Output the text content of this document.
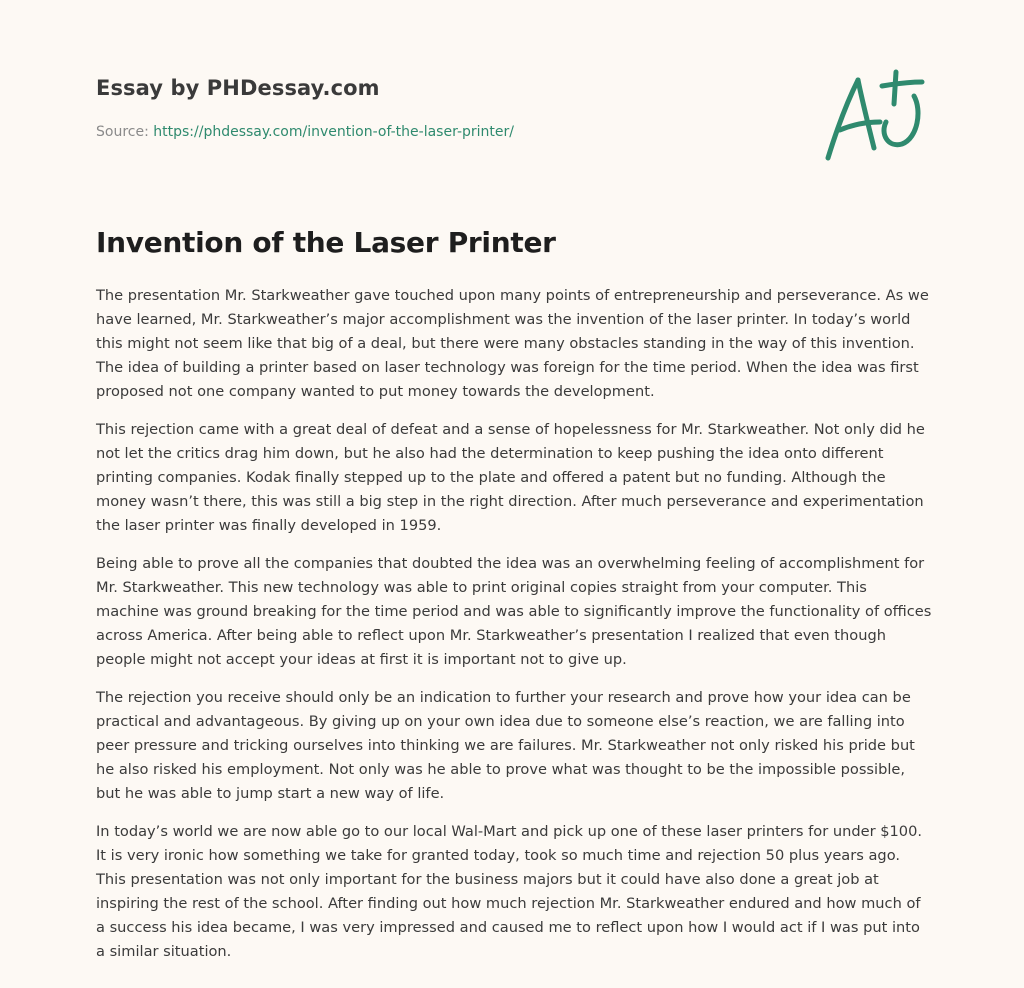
Essay by PHDessay.com
Source: https://phdessay.com/invention-of-the-laser-printer/
Invention of the Laser Printer

The presentation Mr. Starkweather gave touched upon many points of entrepreneurship and perseverance. As we have learned, Mr. Starkweather’s major accomplishment was the invention of the laser printer. In today’s world this might not seem like that big of a deal, but there were many obstacles standing in the way of this invention. The idea of building a printer based on laser technology was foreign for the time period. When the idea was first proposed not one company wanted to put money towards the development.

This rejection came with a great deal of defeat and a sense of hopelessness for Mr. Starkweather. Not only did he not let the critics drag him down, but he also had the determination to keep pushing the idea onto different printing companies. Kodak finally stepped up to the plate and offered a patent but no funding. Although the money wasn’t there, this was still a big step in the right direction. After much perseverance and experimentation the laser printer was finally developed in 1959.

Being able to prove all the companies that doubted the idea was an overwhelming feeling of accomplishment for Mr. Starkweather. This new technology was able to print original copies straight from your computer. This machine was ground breaking for the time period and was able to significantly improve the functionality of offices across America. After being able to reflect upon Mr. Starkweather’s presentation I realized that even though people might not accept your ideas at first it is important not to give up.

The rejection you receive should only be an indication to further your research and prove how your idea can be practical and advantageous. By giving up on your own idea due to someone else’s reaction, we are falling into peer pressure and tricking ourselves into thinking we are failures. Mr. Starkweather not only risked his pride but he also risked his employment. Not only was he able to prove what was thought to be the impossible possible, but he was able to jump start a new way of life.

In today’s world we are now able go to our local Wal-Mart and pick up one of these laser printers for under $100. It is very ironic how something we take for granted today, took so much time and rejection 50 plus years ago. This presentation was not only important for the business majors but it could have also done a great job at inspiring the rest of the school. After finding out how much rejection Mr. Starkweather endured and how much of a success his idea became, I was very impressed and caused me to reflect upon how I would act if I was put into a similar situation.
